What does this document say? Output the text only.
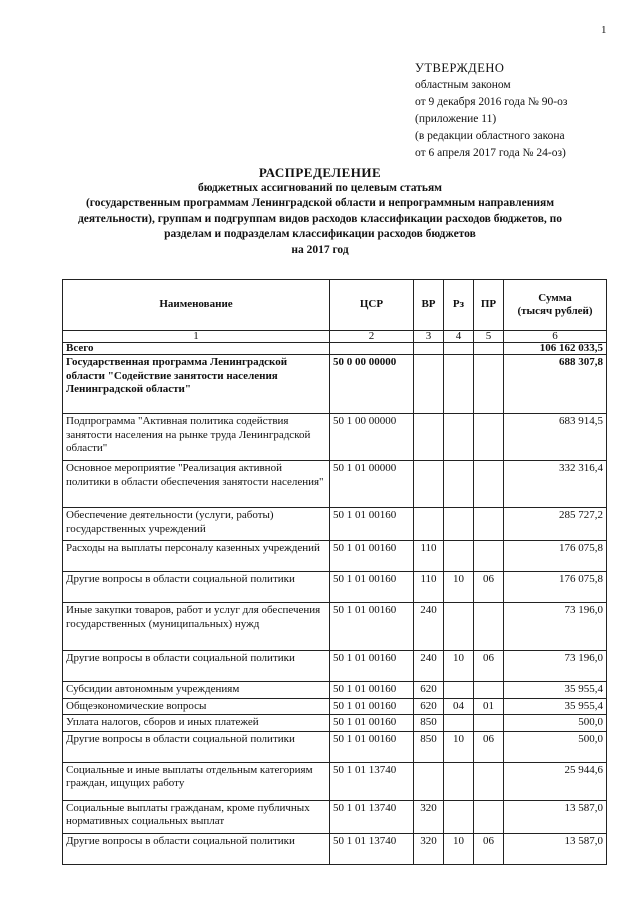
1
УТВЕРЖДЕНО
областным законом
от 9 декабря 2016 года № 90-оз
(приложение 11)
(в редакции областного закона
от 6 апреля 2017 года № 24-оз)
РАСПРЕДЕЛЕНИЕ
бюджетных ассигнований по целевым статьям
(государственным программам Ленинградской области и непрограммным направлениям
деятельности), группам и подгруппам видов расходов классификации расходов бюджетов, по
разделам и подразделам классификации расходов бюджетов
на 2017 год
Наименование	ЦСР	ВР	Рз	ПР	Сумма
(тысяч рублей)
1	2	3	4	5	6
Всего					106 162 033,5
Государственная программа Ленинградской области "Содействие занятости населения Ленинградской области"	50 0 00 00000				688 307,8
Подпрограмма "Активная политика содействия занятости населения на рынке труда Ленинградской области"	50 1 00 00000				683 914,5
Основное мероприятие "Реализация активной политики в области обеспечения занятости населения"	50 1 01 00000				332 316,4
Обеспечение деятельности (услуги, работы) государственных учреждений	50 1 01 00160				285 727,2
Расходы на выплаты персоналу казенных учреждений	50 1 01 00160	110			176 075,8
Другие вопросы в области социальной политики	50 1 01 00160	110	10	06	176 075,8
Иные закупки товаров, работ и услуг для обеспечения государственных (муниципальных) нужд	50 1 01 00160	240			73 196,0
Другие вопросы в области социальной политики	50 1 01 00160	240	10	06	73 196,0
Субсидии автономным учреждениям	50 1 01 00160	620			35 955,4
Общеэкономические вопросы	50 1 01 00160	620	04	01	35 955,4
Уплата налогов, сборов и иных платежей	50 1 01 00160	850			500,0
Другие вопросы в области социальной политики	50 1 01 00160	850	10	06	500,0
Социальные и иные выплаты отдельным категориям граждан, ищущих работу	50 1 01 13740				25 944,6
Социальные выплаты гражданам, кроме публичных нормативных социальных выплат	50 1 01 13740	320			13 587,0
Другие вопросы в области социальной политики	50 1 01 13740	320	10	06	13 587,0
